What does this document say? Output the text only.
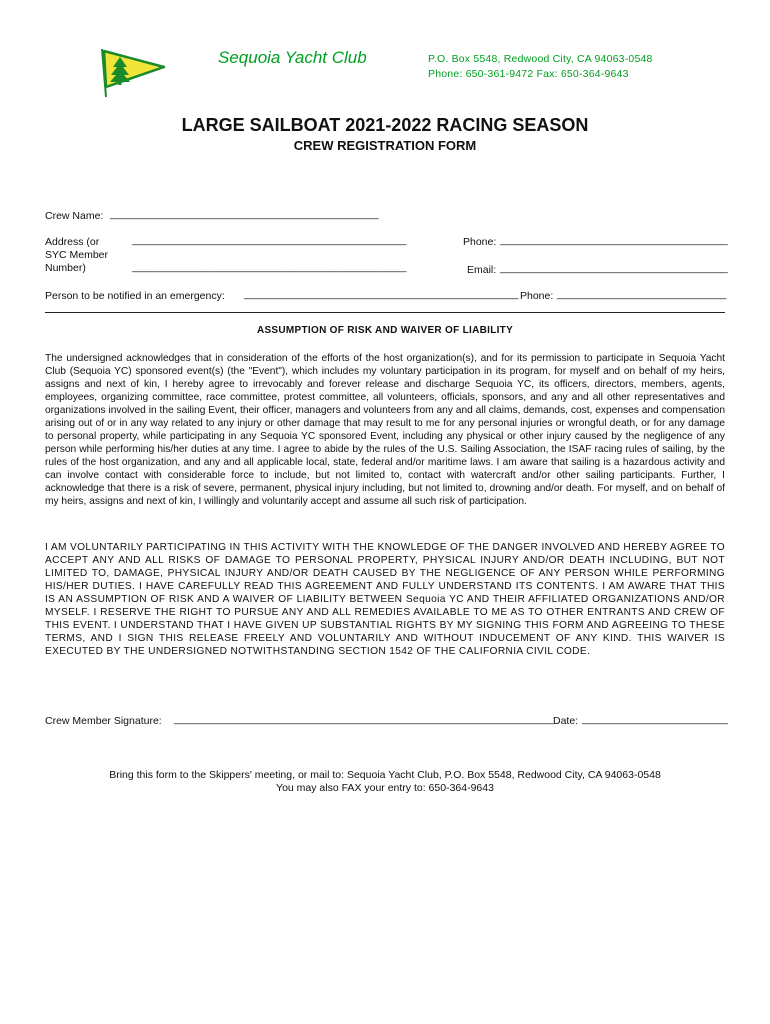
Sequoia Yacht Club	P.O. Box 5548, Redwood City, CA 94063-0548
Phone: 650-361-9472 Fax: 650-364-9643
LARGE SAILBOAT 2021-2022 RACING SEASON
CREW REGISTRATION FORM
Crew Name: ______________________________________________
Address (or
SYC Member
Number)
_______________________________________________
_______________________________________________
Phone: _______________________________________
Email: _______________________________________
Person to be notified in an emergency: _______________________________________________ Phone: _____________________________
ASSUMPTION OF RISK AND WAIVER OF LIABILITY
The undersigned acknowledges that in consideration of the efforts of the host organization(s), and for its permission to participate in Sequoia Yacht Club (Sequoia YC) sponsored event(s) (the "Event"), which includes my voluntary participation in its program, for myself and on behalf of my heirs, assigns and next of kin, I hereby agree to irrevocably and forever release and discharge Sequoia YC, its officers, directors, members, agents, employees, organizing committee, race committee, protest committee, all volunteers, officials, sponsors, and any and all other representatives and organizations involved in the sailing Event, their officer, managers and volunteers from any and all claims, demands, cost, expenses and compensation arising out of or in any way related to any injury or other damage that may result to me for any personal injuries or wrongful death, or for any damage to personal property, while participating in any Sequoia YC sponsored Event, including any physical or other injury caused by the negligence of any person while performing his/her duties at any time. I agree to abide by the rules of the U.S. Sailing Association, the ISAF racing rules of sailing, by the rules of the host organization, and any and all applicable local, state, federal and/or maritime laws. I am aware that sailing is a hazardous activity and can involve contact with considerable force to include, but not limited to, contact with watercraft and/or other sailing participants. Further, I acknowledge that there is a risk of severe, permanent, physical injury including, but not limited to, drowning and/or death. For myself, and on behalf of my heirs, assigns and next of kin, I willingly and voluntarily accept and assume all such risk of participation.
I AM VOLUNTARILY PARTICIPATING IN THIS ACTIVITY WITH THE KNOWLEDGE OF THE DANGER INVOLVED AND HEREBY AGREE TO ACCEPT ANY AND ALL RISKS OF DAMAGE TO PERSONAL PROPERTY, PHYSICAL INJURY AND/OR DEATH INCLUDING, BUT NOT LIMITED TO, DAMAGE, PHYSICAL INJURY AND/OR DEATH CAUSED BY THE NEGLIGENCE OF ANY PERSON WHILE PERFORMING HIS/HER DUTIES. I HAVE CAREFULLY READ THIS AGREEMENT AND FULLY UNDERSTAND ITS CONTENTS. I AM AWARE THAT THIS IS AN ASSUMPTION OF RISK AND A WAIVER OF LIABILITY BETWEEN Sequoia YC AND THEIR AFFILIATED ORGANIZATIONS AND/OR MYSELF. I RESERVE THE RIGHT TO PURSUE ANY AND ALL REMEDIES AVAILABLE TO ME AS TO OTHER ENTRANTS AND CREW OF THIS EVENT. I UNDERSTAND THAT I HAVE GIVEN UP SUBSTANTIAL RIGHTS BY MY SIGNING THIS FORM AND AGREEING TO THESE TERMS, AND I SIGN THIS RELEASE FREELY AND VOLUNTARILY AND WITHOUT INDUCEMENT OF ANY KIND. THIS WAIVER IS EXECUTED BY THE UNDERSIGNED NOTWITHSTANDING SECTION 1542 OF THE CALIFORNIA CIVIL CODE.
Crew Member Signature: _________________________________________________________________ Date: _________________________
Bring this form to the Skippers' meeting, or mail to: Sequoia Yacht Club, P.O. Box 5548, Redwood City, CA 94063-0548
You may also FAX your entry to: 650-364-9643
